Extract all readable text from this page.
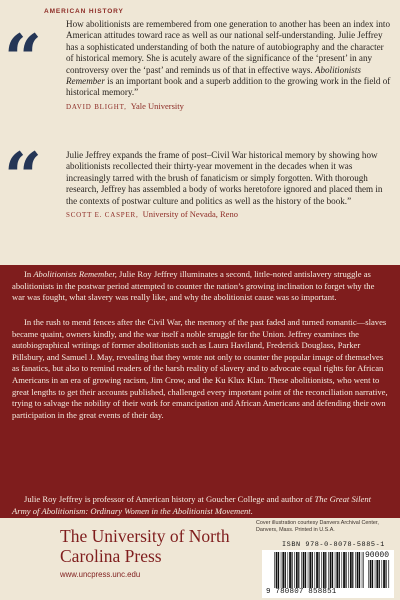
AMERICAN HISTORY
“	How abolitionists are remembered from one generation to another has been an index into American attitudes toward race as well as our national self-understanding. Julie Jeffrey has a sophisticated understanding of both the nature of autobiography and the character of historical memory. She is acutely aware of the significance of the ‘present’ in any controversy over the ‘past’ and reminds us of that in effective ways. Abolitionists Remember is an important book and a superb addition to the growing work in the field of historical memory.”

DAVID BLIGHT, Yale University

“	Julie Jeffrey expands the frame of post–Civil War historical memory by showing how abolitionists recollected their thirty-year movement in the decades when it was increasingly tarred with the brush of fanaticism or simply forgotten. With thorough research, Jeffrey has assembled a body of works heretofore ignored and placed them in the contexts of postwar culture and politics as well as the history of the book.”

SCOTT E. CASPER, University of Nevada, Reno

In Abolitionists Remember, Julie Roy Jeffrey illuminates a second, little-noted antislavery struggle as abolitionists in the postwar period attempted to counter the nation’s growing inclination to forget why the war was fought, what slavery was really like, and why the abolitionist cause was so important.

In the rush to mend fences after the Civil War, the memory of the past faded and turned romantic—slaves became quaint, owners kindly, and the war itself a noble struggle for the Union. Jeffrey examines the autobiographical writings of former abolitionists such as Laura Haviland, Frederick Douglass, Parker Pillsbury, and Samuel J. May, revealing that they wrote not only to counter the popular image of themselves as fanatics, but also to remind readers of the harsh reality of slavery and to advocate equal rights for African Americans in an era of growing racism, Jim Crow, and the Ku Klux Klan. These abolitionists, who went to great lengths to get their accounts published, challenged every important point of the reconciliation narrative, trying to salvage the nobility of their work for emancipation and African Americans and defending their own participation in the great events of their day.

Julie Roy Jeffrey is professor of American history at Goucher College and author of The Great Silent Army of Abolitionism: Ordinary Women in the Abolitionist Movement.

The University of North Carolina Press
www.uncpress.unc.edu
Cover illustration courtesy Danvers Archival Center, Danvers, Mass. Printed in U.S.A.
ISBN 978-0-8078-5885-1
90000
9 780807 858851
